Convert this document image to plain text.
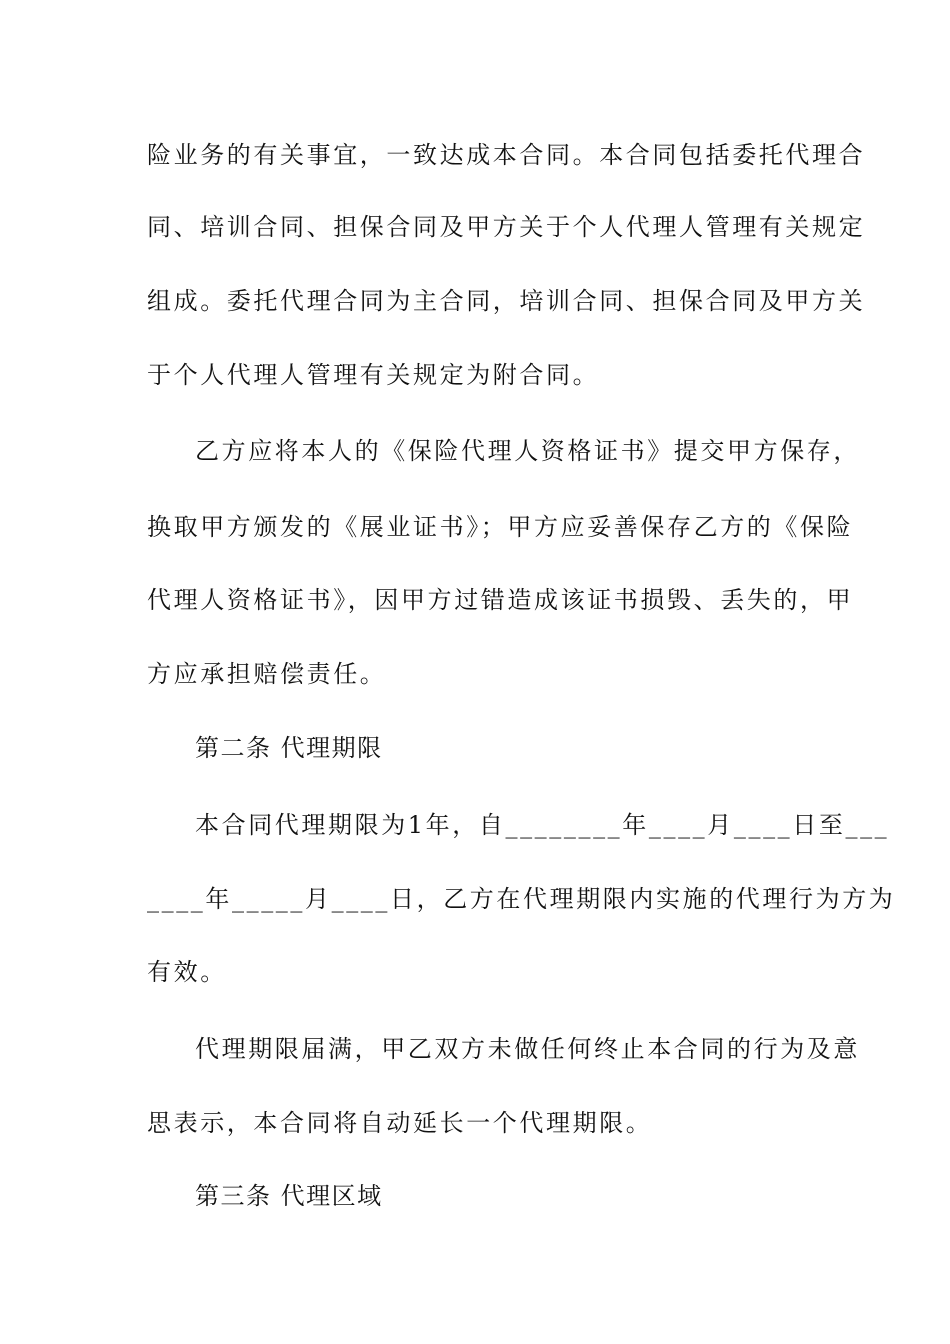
险业务的有关事宜，一致达成本合同。本合同包括委托代理合
同、培训合同、担保合同及甲方关于个人代理人管理有关规定
组成。委托代理合同为主合同，培训合同、担保合同及甲方关
于个人代理人管理有关规定为附合同。
乙方应将本人的《保险代理人资格证书》提交甲方保存，
换取甲方颁发的《展业证书》；甲方应妥善保存乙方的《保险
代理人资格证书》，因甲方过错造成该证书损毁、丢失的，甲
方应承担赔偿责任。
第二条 代理期限
本合同代理期限为1年，自________年____月____日至___
____年_____月____日，乙方在代理期限内实施的代理行为方为
有效。
代理期限届满，甲乙双方未做任何终止本合同的行为及意
思表示，本合同将自动延长一个代理期限。
第三条 代理区域
